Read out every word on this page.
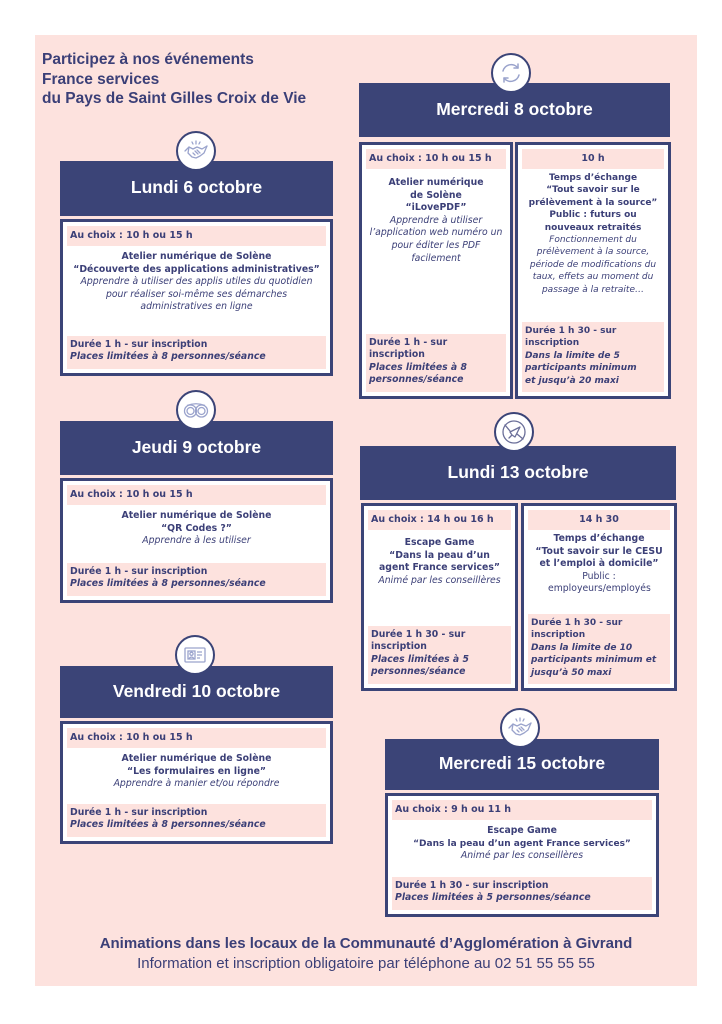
Participez à nos événements
France services
du Pays de Saint Gilles Croix de Vie
Lundi 6 octobre
Au choix : 10 h ou 15 h
Atelier numérique de Solène
“Découverte des applications administratives”
Apprendre à utiliser des applis utiles du quotidien pour réaliser soi-même ses démarches administratives en ligne
Durée 1 h - sur inscription
Places limitées à 8 personnes/séance
Mercredi 8 octobre
Au choix : 10 h ou 15 h
Atelier numérique de Solène
“iLovePDF”
Apprendre à utiliser l’application web numéro un pour éditer les PDF facilement
Durée 1 h - sur inscription
Places limitées à 8 personnes/séance
10 h
Temps d’échange
“Tout savoir sur le prélèvement à la source”
Public : futurs ou nouveaux retraités
Fonctionnement du prélèvement à la source, période de modifications du taux, effets au moment du passage à la retraite…
Durée 1 h 30 - sur inscription
Dans la limite de 5 participants minimum et jusqu’à 20 maxi
Jeudi 9 octobre
Au choix : 10 h ou 15 h
Atelier numérique de Solène
“QR Codes ?”
Apprendre à les utiliser
Durée 1 h - sur inscription
Places limitées à 8 personnes/séance
Lundi 13 octobre
Au choix : 14 h ou 16 h
Escape Game
“Dans la peau d’un agent France services”
Animé par les conseillères
Durée 1 h 30 - sur inscription
Places limitées à 5 personnes/séance
14 h 30
Temps d’échange
“Tout savoir sur le CESU et l’emploi à domicile”
Public : employeurs/employés
Durée 1 h 30 - sur inscription
Dans la limite de 10 participants minimum et jusqu’à 50 maxi
Vendredi 10 octobre
Au choix : 10 h ou 15 h
Atelier numérique de Solène
“Les formulaires en ligne”
Apprendre à manier et/ou répondre
Durée 1 h - sur inscription
Places limitées à 8 personnes/séance
Mercredi 15 octobre
Au choix : 9 h ou 11 h
Escape Game
“Dans la peau d’un agent France services”
Animé par les conseillères
Durée 1 h 30 - sur inscription
Places limitées à 5 personnes/séance
Animations dans les locaux de la Communauté d’Agglomération à Givrand
Information et inscription obligatoire par téléphone au 02 51 55 55 55
